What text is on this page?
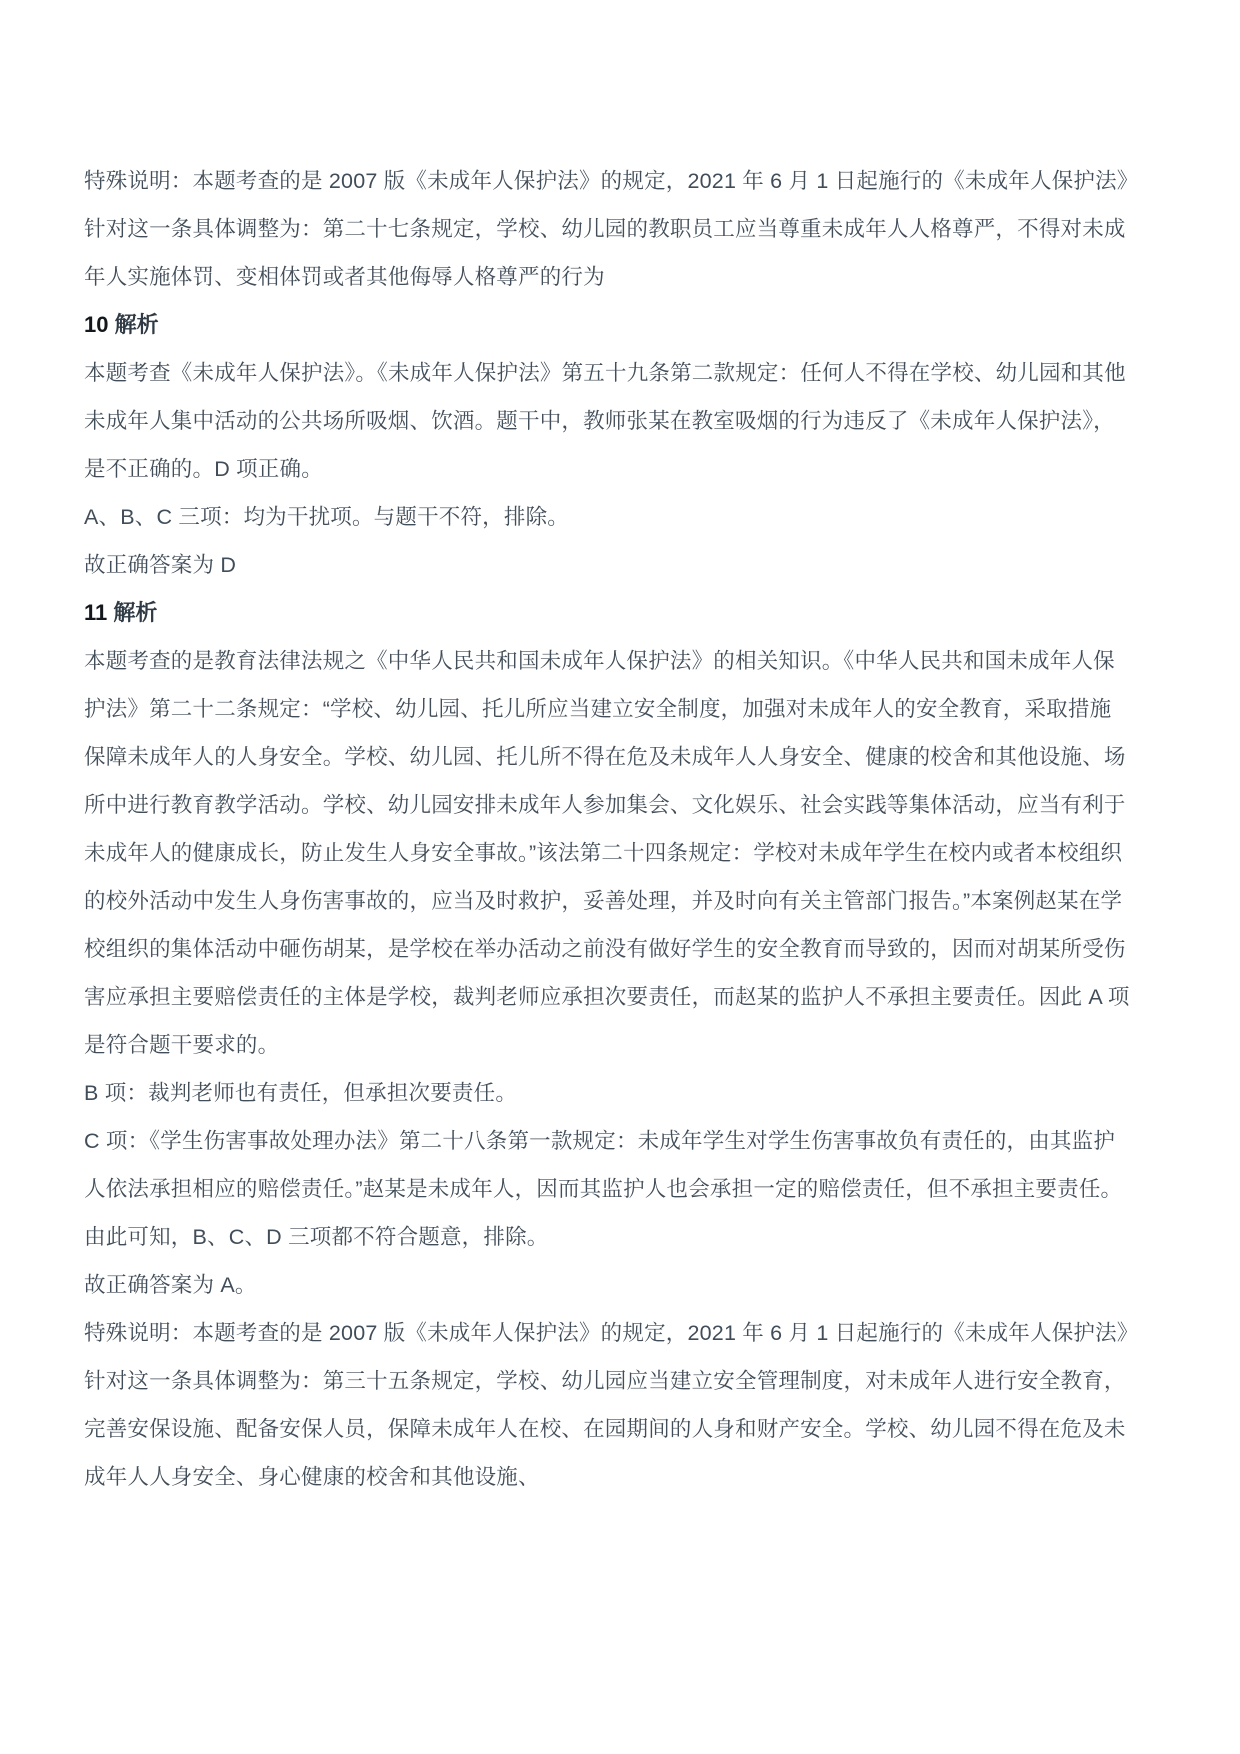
特殊说明：本题考查的是 2007 版《未成年人保护法》的规定，2021 年 6 月 1 日起施行的《未成年人保护法》针对这一条具体调整为：第二十七条规定，学校、幼儿园的教职员工应当尊重未成年人人格尊严，不得对未成年人实施体罚、变相体罚或者其他侮辱人格尊严的行为

10 解析

本题考查《未成年人保护法》。《未成年人保护法》第五十九条第二款规定：任何人不得在学校、幼儿园和其他未成年人集中活动的公共场所吸烟、饮酒。题干中，教师张某在教室吸烟的行为违反了《未成年人保护法》，是不正确的。D 项正确。

A、B、C 三项：均为干扰项。与题干不符，排除。

故正确答案为 D

11 解析

本题考查的是教育法律法规之《中华人民共和国未成年人保护法》的相关知识。《中华人民共和国未成年人保护法》第二十二条规定：“学校、幼儿园、托儿所应当建立安全制度，加强对未成年人的安全教育，采取措施保障未成年人的人身安全。学校、幼儿园、托儿所不得在危及未成年人人身安全、健康的校舍和其他设施、场所中进行教育教学活动。学校、幼儿园安排未成年人参加集会、文化娱乐、社会实践等集体活动，应当有利于未成年人的健康成长，防止发生人身安全事故。”该法第二十四条规定：学校对未成年学生在校内或者本校组织的校外活动中发生人身伤害事故的，应当及时救护，妥善处理，并及时向有关主管部门报告。”本案例赵某在学校组织的集体活动中砸伤胡某，是学校在举办活动之前没有做好学生的安全教育而导致的，因而对胡某所受伤害应承担主要赔偿责任的主体是学校，裁判老师应承担次要责任，而赵某的监护人不承担主要责任。因此 A 项是符合题干要求的。

B 项：裁判老师也有责任，但承担次要责任。

C 项：《学生伤害事故处理办法》第二十八条第一款规定：未成年学生对学生伤害事故负有责任的，由其监护人依法承担相应的赔偿责任。”赵某是未成年人，因而其监护人也会承担一定的赔偿责任，但不承担主要责任。

由此可知，B、C、D 三项都不符合题意，排除。

故正确答案为 A。

特殊说明：本题考查的是 2007 版《未成年人保护法》的规定，2021 年 6 月 1 日起施行的《未成年人保护法》针对这一条具体调整为：第三十五条规定，学校、幼儿园应当建立安全管理制度，对未成年人进行安全教育，完善安保设施、配备安保人员，保障未成年人在校、在园期间的人身和财产安全。学校、幼儿园不得在危及未成年人人身安全、身心健康的校舍和其他设施、
